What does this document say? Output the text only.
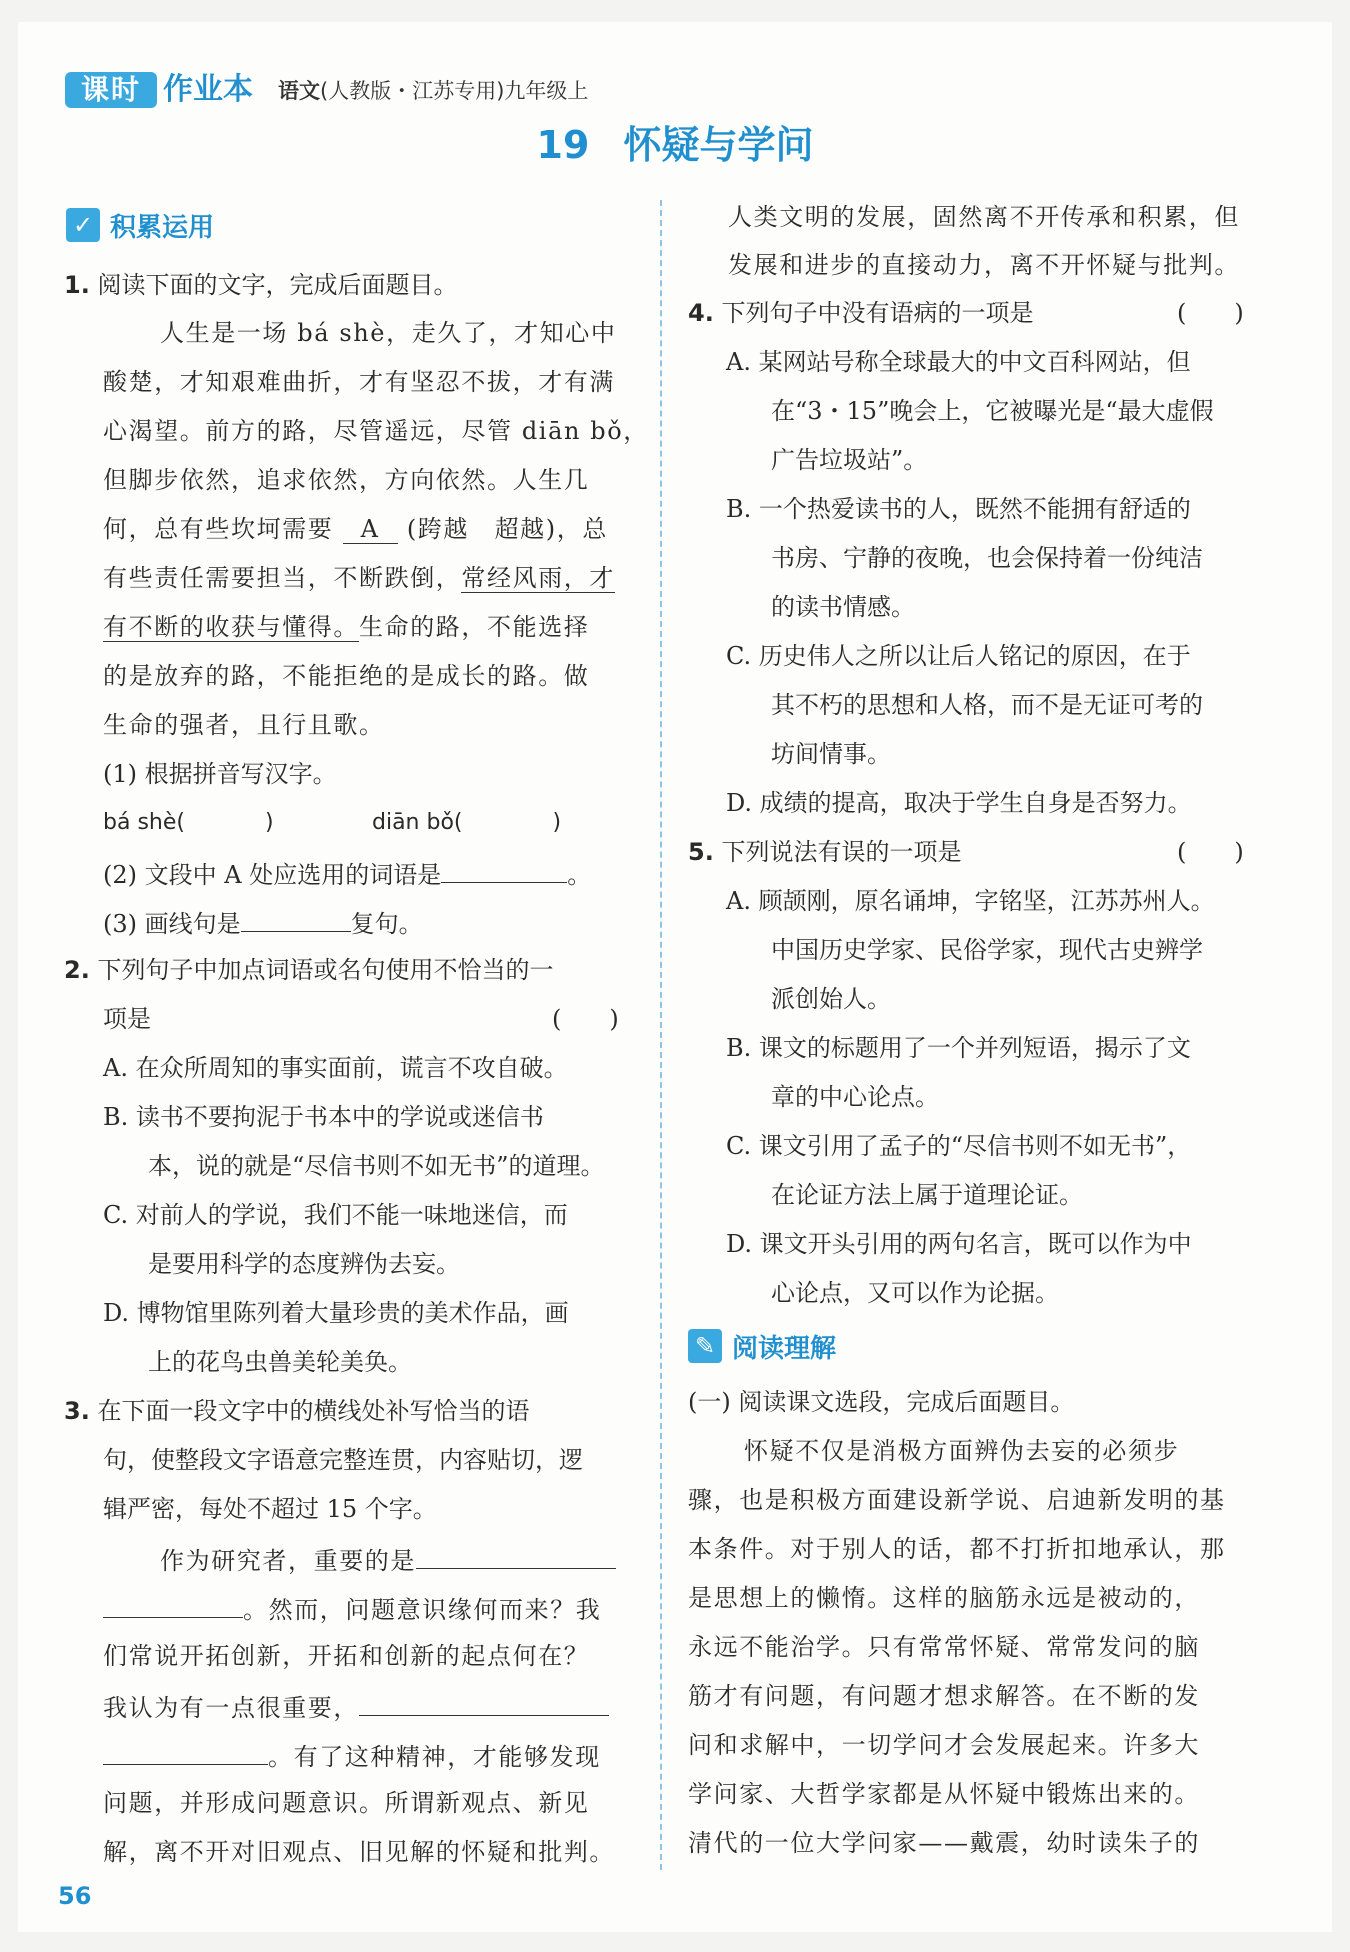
课时 作业本 语文(人教版・江苏专用)九年级上
19 怀疑与学问
✓ 积累运用
1. 阅读下面的文字，完成后面题目。
人生是一场 bá shè，走久了，才知心中
酸楚，才知艰难曲折，才有坚忍不拔，才有满
心渴望。前方的路，尽管遥远，尽管 diān bǒ，
但脚步依然，追求依然，方向依然。人生几
何，总有些坎坷需要 A (跨越　超越)，总
有些责任需要担当，不断跌倒，常经风雨，才
有不断的收获与懂得。生命的路，不能选择
的是放弃的路，不能拒绝的是成长的路。做
生命的强者，且行且歌。
(1) 根据拼音写汉字。
bá shè(	)	diān bǒ(	)
(2) 文段中 A 处应选用的词语是	。
(3) 画线句是	复句。
2. 下列句子中加点词语或名句使用不恰当的一
项是	(　　)
A. 在众所周知的事实面前，谎言不攻自破。
B. 读书不要拘泥于书本中的学说或迷信书
本，说的就是“尽信书则不如无书”的道理。
C. 对前人的学说，我们不能一味地迷信，而
是要用科学的态度辨伪去妄。
D. 博物馆里陈列着大量珍贵的美术作品，画
上的花鸟虫兽美轮美奂。
3. 在下面一段文字中的横线处补写恰当的语
句，使整段文字语意完整连贯，内容贴切，逻
辑严密，每处不超过 15 个字。
作为研究者，重要的是
。然而，问题意识缘何而来？我
们常说开拓创新，开拓和创新的起点何在？
我认为有一点很重要，
。有了这种精神，才能够发现
问题，并形成问题意识。所谓新观点、新见
解，离不开对旧观点、旧见解的怀疑和批判。
人类文明的发展，固然离不开传承和积累，但
发展和进步的直接动力，离不开怀疑与批判。
4. 下列句子中没有语病的一项是	(　　)
A. 某网站号称全球最大的中文百科网站，但
在“3・15”晚会上，它被曝光是“最大虚假
广告垃圾站”。
B. 一个热爱读书的人，既然不能拥有舒适的
书房、宁静的夜晚，也会保持着一份纯洁
的读书情感。
C. 历史伟人之所以让后人铭记的原因，在于
其不朽的思想和人格，而不是无证可考的
坊间情事。
D. 成绩的提高，取决于学生自身是否努力。
5. 下列说法有误的一项是	(　　)
A. 顾颉刚，原名诵坤，字铭坚，江苏苏州人。
中国历史学家、民俗学家，现代古史辨学
派创始人。
B. 课文的标题用了一个并列短语，揭示了文
章的中心论点。
C. 课文引用了孟子的“尽信书则不如无书”，
在论证方法上属于道理论证。
D. 课文开头引用的两句名言，既可以作为中
心论点，又可以作为论据。
✎ 阅读理解
(一) 阅读课文选段，完成后面题目。
怀疑不仅是消极方面辨伪去妄的必须步
骤，也是积极方面建设新学说、启迪新发明的基
本条件。对于别人的话，都不打折扣地承认，那
是思想上的懒惰。这样的脑筋永远是被动的，
永远不能治学。只有常常怀疑、常常发问的脑
筋才有问题，有问题才想求解答。在不断的发
问和求解中，一切学问才会发展起来。许多大
学问家、大哲学家都是从怀疑中锻炼出来的。
清代的一位大学问家——戴震，幼时读朱子的
56
